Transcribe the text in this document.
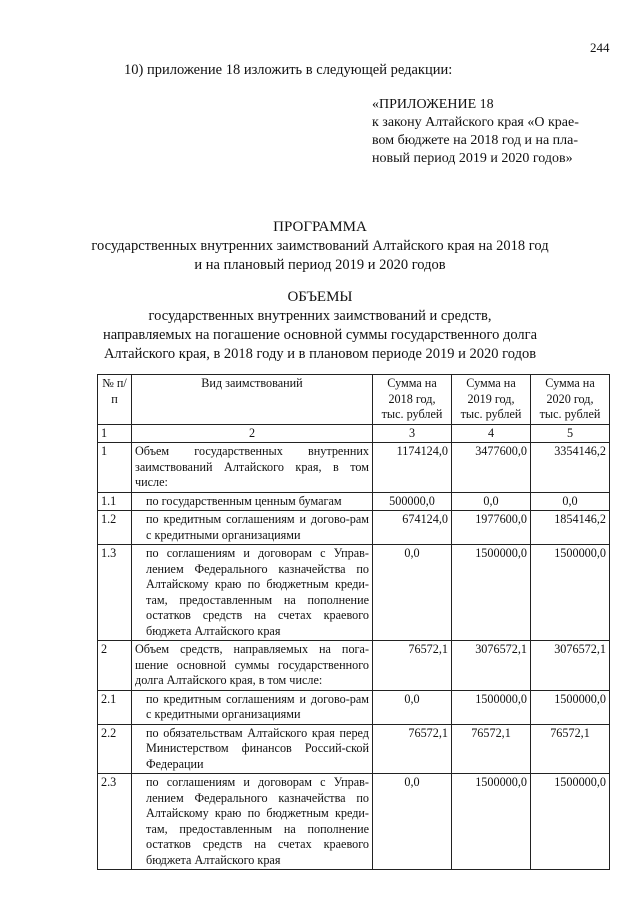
244
10) приложение 18 изложить в следующей редакции:
«ПРИЛОЖЕНИЕ 18
к закону Алтайского края «О крае-
вом бюджете на 2018 год и на пла-
новый период 2019 и 2020 годов»
ПРОГРАММА
государственных внутренних заимствований Алтайского края на 2018 год
и на плановый период 2019 и 2020 годов
ОБЪЕМЫ
государственных внутренних заимствований и средств,
направляемых на погашение основной суммы государственного долга
Алтайского края, в 2018 году и в плановом периоде 2019 и 2020 годов
№ п/п	Вид заимствований	Сумма на 2018 год, тыс. рублей	Сумма на 2019 год, тыс. рублей	Сумма на 2020 год, тыс. рублей
1	2	3	4	5
1	Объем государственных внутренних заимствований Алтайского края, в том числе:	1174124,0	3477600,0	3354146,2
1.1	по государственным ценным бумагам	500000,0	0,0	0,0
1.2	по кредитным соглашениям и догово-рам с кредитными организациями	674124,0	1977600,0	1854146,2
1.3	по соглашениям и договорам с Управ-лением Федерального казначейства по Алтайскому краю по бюджетным креди-там, предоставленным на пополнение остатков средств на счетах краевого бюджета Алтайского края	0,0	1500000,0	1500000,0
2	Объем средств, направляемых на пога-шение основной суммы государственного долга Алтайского края, в том числе:	76572,1	3076572,1	3076572,1
2.1	по кредитным соглашениям и догово-рам с кредитными организациями	0,0	1500000,0	1500000,0
2.2	по обязательствам Алтайского края перед Министерством финансов Россий-ской Федерации	76572,1	76572,1	76572,1
2.3	по соглашениям и договорам с Управ-лением Федерального казначейства по Алтайскому краю по бюджетным креди-там, предоставленным на пополнение остатков средств на счетах краевого бюджета Алтайского края	0,0	1500000,0	1500000,0
